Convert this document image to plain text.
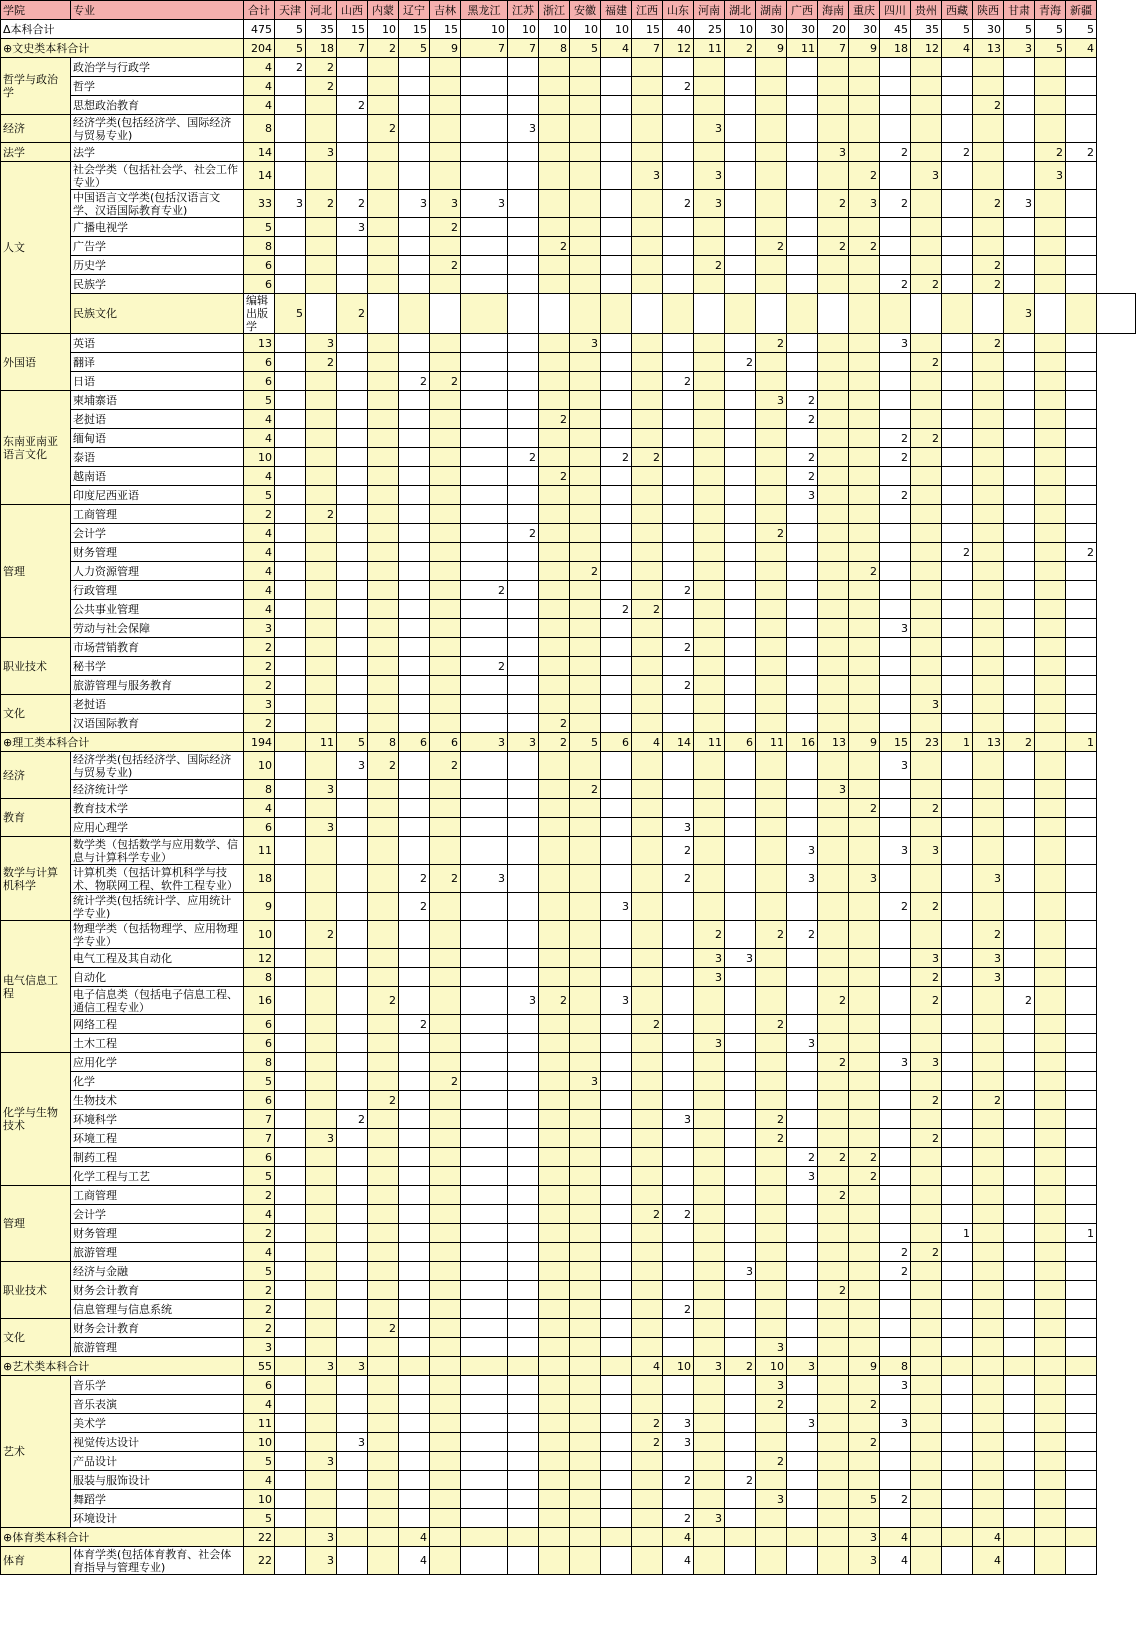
学院	专业	合计	天津	河北	山西	内蒙	辽宁	吉林	黑龙江	江苏	浙江	安徽	福建	江西	山东	河南	湖北	湖南	广西	海南	重庆	四川	贵州	西藏	陕西	甘肃	青海	新疆	
Δ本科合计		475	5	35	15	10	15	15	10	10	10	10	10	15	40	25	10	30	30	20	30	45	35	5	30	5	5	5	
⊕文史类本科合计		204	5	18	7	2	5	9	7	7	8	5	4	7	12	11	2	9	11	7	9	18	12	4	13	3	5	4	
哲学与政治学	政治学与行政学	4	2	2																									
	哲学	4		2											2														
	思想政治教育	4			2																				2				
经济	经济学类(包括经济学、国际经济与贸易专业)	8				2				3						3													
法学	法学	14		3																3		2		2			2	2	
人文	社会学类（包括社会学、社会工作专业）	14												3		3					2		3				3		
	中国语言文学类(包括汉语言文学、汉语国际教育专业)	33	3	2	2		3	3	3						2	3				2	3	2			2	3			
	广播电视学	5			3			2																					
	广告学	8									2							2		2	2								
	历史学	6						2								2									2				
	民族学	6																				2	2		2				
	民族文化	编辑出版学	5		2																					3			
外国语	英语	13		3								3						2				3			2				
	翻译	6		2													2						2						
	日语	6					2	2							2														
东南亚南亚语言文化	柬埔寨语	5																3	2										
	老挝语	4									2								2										
	缅甸语	4																				2	2						
	泰语	10								2			2	2					2			2							
	越南语	4									2								2										
	印度尼西亚语	5																	3			2							
管理	工商管理	2		2																									
	会计学	4								2								2											
	财务管理	4																						2				2	
	人力资源管理	4										2									2								
	行政管理	4							2						2														
	公共事业管理	4											2	2															
	劳动与社会保障	3																				3							
职业技术	市场营销教育	2													2														
	秘书学	2							2																				
	旅游管理与服务教育	2													2														
文化	老挝语	3																					3						
	汉语国际教育	2									2																		
⊕理工类本科合计		194		11	5	8	6	6	3	3	2	5	6	4	14	11	6	11	16	13	9	15	23	1	13	2		1	
经济	经济学类(包括经济学、国际经济与贸易专业)	10			3	2		2														3							
	经济统计学	8		3								2								3									
教育	教育技术学	4																			2		2						
	应用心理学	6		3											3														
数学与计算机科学	数学类（包括数学与应用数学、信息与计算科学专业）	11													2				3			3	3						
	计算机类（包括计算机科学与技术、物联网工程、软件工程专业）	18					2	2	3						2				3		3				3				
	统计学类(包括统计学、应用统计学专业)	9					2						3									2	2						
电气信息工程	物理学类（包括物理学、应用物理学专业）	10		2												2		2	2						2				
	电气工程及其自动化	12														3	3						3		3				
	自动化	8														3							2		3				
	电子信息类（包括电子信息工程、通信工程专业）	16				2				3	2		3							2			2			2			
	网络工程	6					2							2				2											
	土木工程	6														3			3										
化学与生物技术	应用化学	8																		2		3	3						
	化学	5						2				3																	
	生物技术	6				2																	2		2				
	环境科学	7			2										3			2											
	环境工程	7		3														2					2						
	制药工程	6																	2	2	2								
	化学工程与工艺	5																	3		2								
管理	工商管理	2																		2									
	会计学	4												2	2														
	财务管理	2																						1				1	
	旅游管理	4																				2	2						
职业技术	经济与金融	5															3					2							
	财务会计教育	2																		2									
	信息管理与信息系统	2													2														
文化	财务会计教育	2				2																							
	旅游管理	3																3											
⊕艺术类本科合计		55		3	3									4	10	3	2	10	3		9	8							
艺术	音乐学	6																3				3							
	音乐表演	4																2			2								
	美术学	11												2	3				3			3							
	视觉传达设计	10			3									2	3						2								
	产品设计	5		3														2											
	服装与服饰设计	4													2		2												
	舞蹈学	10																3			5	2							
	环境设计	5													2	3													
⊕体育类本科合计		22		3			4								4						3	4			4				
体育	体育学类(包括体育教育、社会体育指导与管理专业)	22		3			4								4						3	4			4				
